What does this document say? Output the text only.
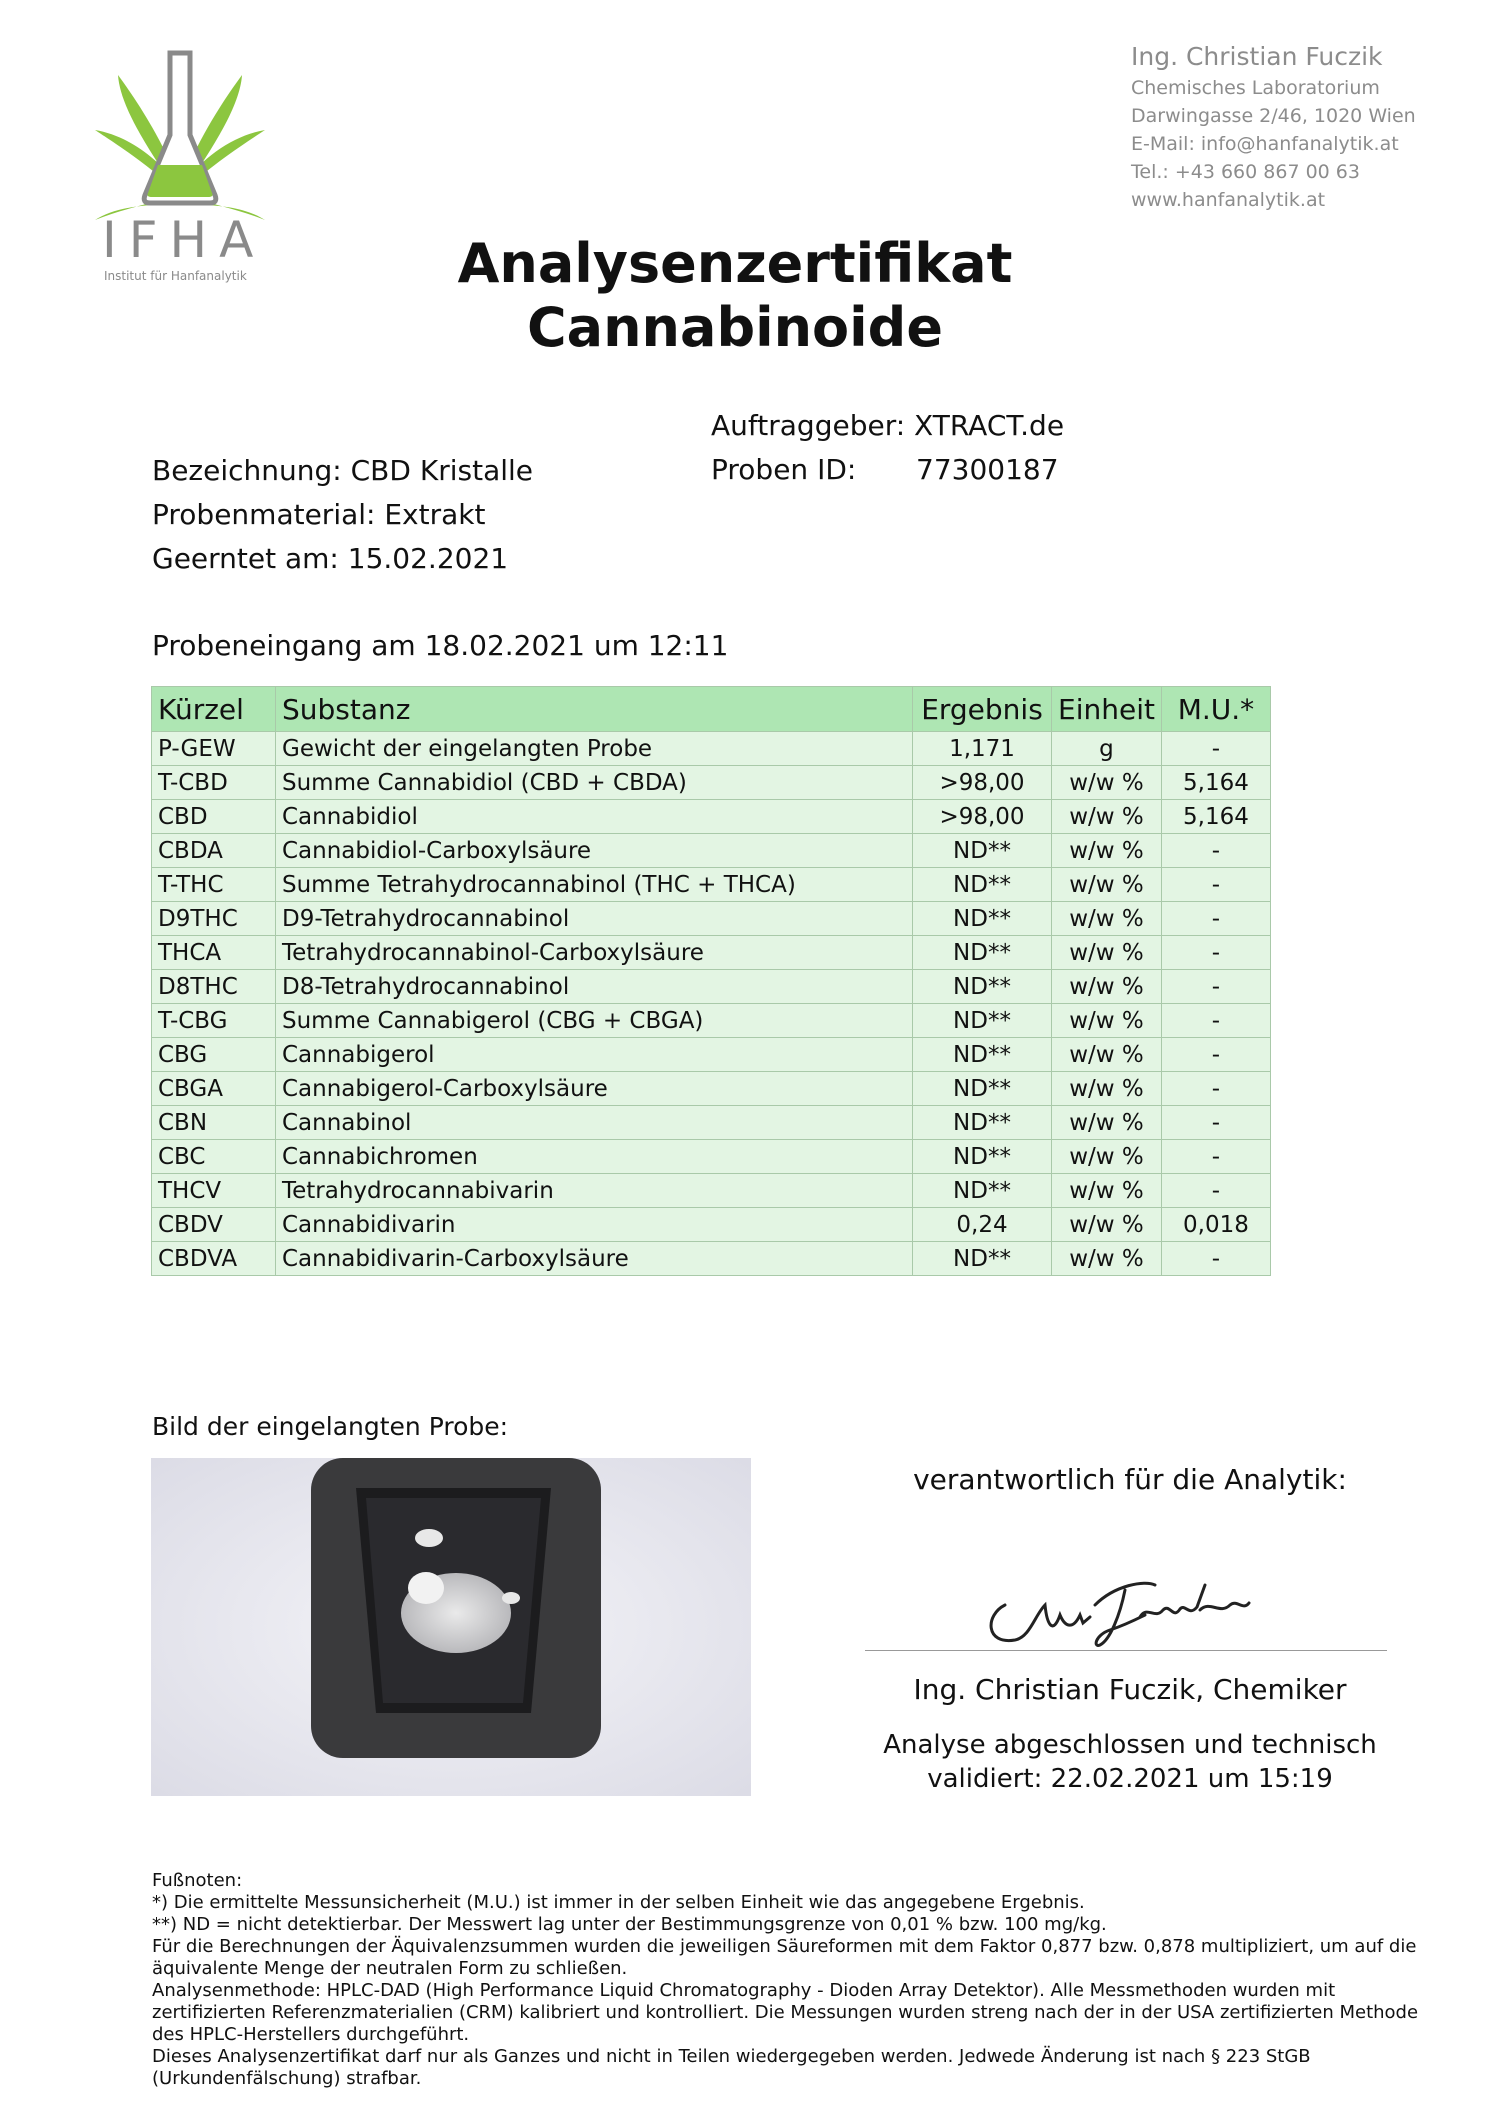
IFHA
Institut für Hanfanalytik
Ing. Christian Fuczik
Chemisches Laboratorium
Darwingasse 2/46, 1020 Wien
E-Mail: info@hanfanalytik.at
Tel.: +43 660 867 00 63
www.hanfanalytik.at
Analysenzertifikat
Cannabinoide
Bezeichnung: CBD Kristalle
Probenmaterial: Extrakt
Geerntet am: 15.02.2021
Auftraggeber: XTRACT.de
Proben ID:	77300187
Probeneingang am 18.02.2021 um 12:11
Kürzel	Substanz	Ergebnis	Einheit	M.U.*
P-GEW	Gewicht der eingelangten Probe	1,171	g	-
T-CBD	Summe Cannabidiol (CBD + CBDA)	>98,00	w/w %	5,164
CBD	Cannabidiol	>98,00	w/w %	5,164
CBDA	Cannabidiol-Carboxylsäure	ND**	w/w %	-
T-THC	Summe Tetrahydrocannabinol (THC + THCA)	ND**	w/w %	-
D9THC	D9-Tetrahydrocannabinol	ND**	w/w %	-
THCA	Tetrahydrocannabinol-Carboxylsäure	ND**	w/w %	-
D8THC	D8-Tetrahydrocannabinol	ND**	w/w %	-
T-CBG	Summe Cannabigerol (CBG + CBGA)	ND**	w/w %	-
CBG	Cannabigerol	ND**	w/w %	-
CBGA	Cannabigerol-Carboxylsäure	ND**	w/w %	-
CBN	Cannabinol	ND**	w/w %	-
CBC	Cannabichromen	ND**	w/w %	-
THCV	Tetrahydrocannabivarin	ND**	w/w %	-
CBDV	Cannabidivarin	0,24	w/w %	0,018
CBDVA	Cannabidivarin-Carboxylsäure	ND**	w/w %	-
Bild der eingelangten Probe:
verantwortlich für die Analytik:
Ing. Christian Fuczik, Chemiker
Analyse abgeschlossen und technisch
validiert: 22.02.2021 um 15:19

Fußnoten:

*) Die ermittelte Messunsicherheit (M.U.) ist immer in der selben Einheit wie das angegebene Ergebnis.

**) ND = nicht detektierbar. Der Messwert lag unter der Bestimmungsgrenze von 0,01 % bzw. 100 mg/kg.

Für die Berechnungen der Äquivalenzsummen wurden die jeweiligen Säureformen mit dem Faktor 0,877 bzw. 0,878 multipliziert, um auf die äquivalente Menge der neutralen Form zu schließen.

Analysenmethode: HPLC-DAD (High Performance Liquid Chromatography - Dioden Array Detektor). Alle Messmethoden wurden mit zertifizierten Referenzmaterialien (CRM) kalibriert und kontrolliert. Die Messungen wurden streng nach der in der USA zertifizierten Methode des HPLC-Herstellers durchgeführt.

Dieses Analysenzertifikat darf nur als Ganzes und nicht in Teilen wiedergegeben werden. Jedwede Änderung ist nach § 223 StGB (Urkundenfälschung) strafbar.
